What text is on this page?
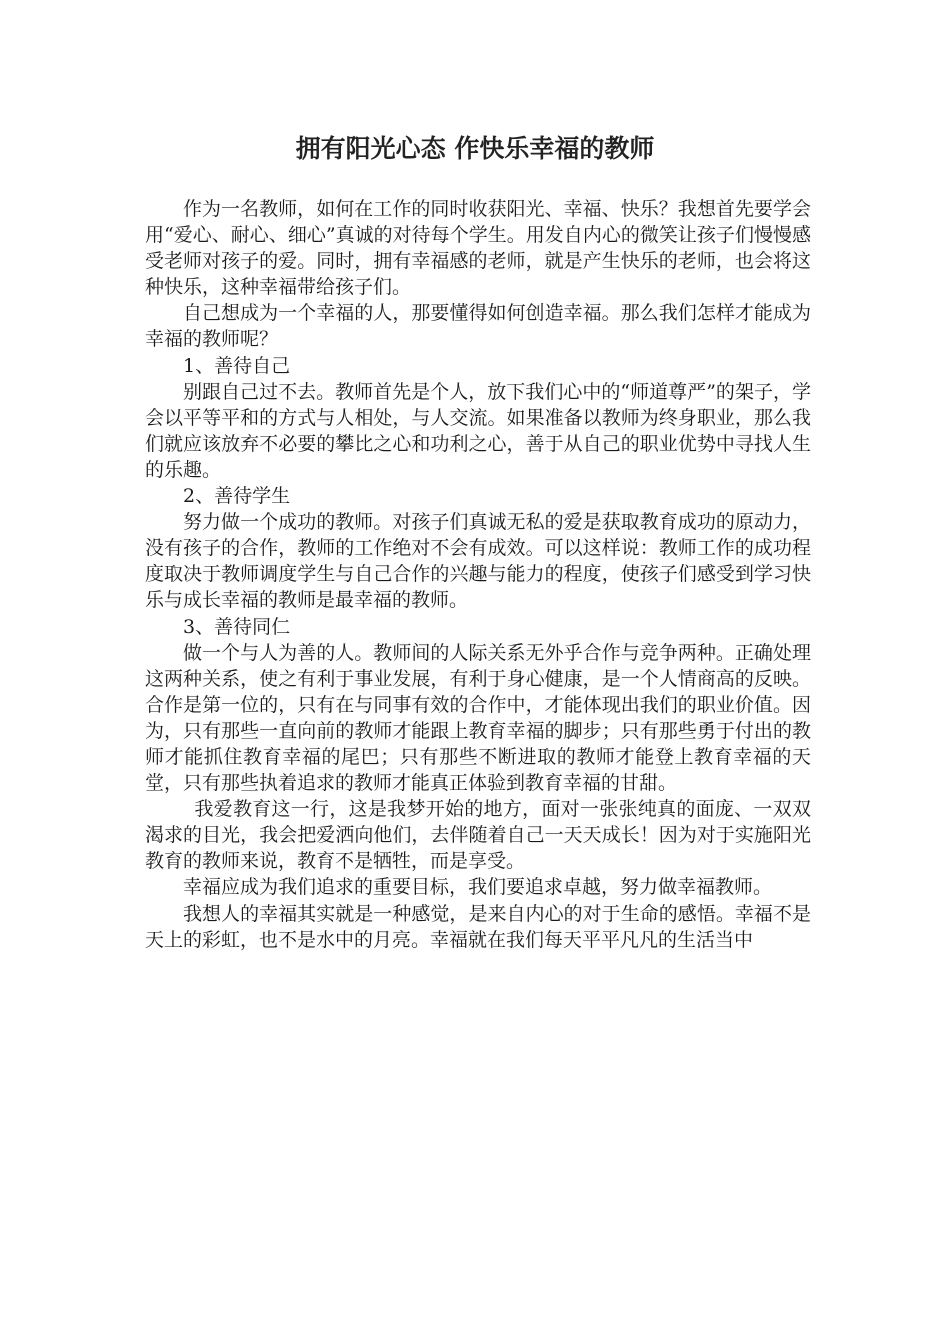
拥有阳光心态 作快乐幸福的教师

作为一名教师，如何在工作的同时收获阳光、幸福、快乐？我想首先要学会用“爱心、耐心、细心”真诚的对待每个学生。用发自内心的微笑让孩子们慢慢感受老师对孩子的爱。同时，拥有幸福感的老师，就是产生快乐的老师，也会将这种快乐，这种幸福带给孩子们。

自己想成为一个幸福的人，那要懂得如何创造幸福。那么我们怎样才能成为幸福的教师呢？

1、善待自己

别跟自己过不去。教师首先是个人，放下我们心中的“师道尊严”的架子，学会以平等平和的方式与人相处，与人交流。如果准备以教师为终身职业，那么我们就应该放弃不必要的攀比之心和功利之心，善于从自己的职业优势中寻找人生的乐趣。

2、善待学生

努力做一个成功的教师。对孩子们真诚无私的爱是获取教育成功的原动力，没有孩子的合作，教师的工作绝对不会有成效。可以这样说：教师工作的成功程度取决于教师调度学生与自己合作的兴趣与能力的程度，使孩子们感受到学习快乐与成长幸福的教师是最幸福的教师。

3、善待同仁

做一个与人为善的人。教师间的人际关系无外乎合作与竞争两种。正确处理这两种关系，使之有利于事业发展，有利于身心健康，是一个人情商高的反映。合作是第一位的，只有在与同事有效的合作中，才能体现出我们的职业价值。因为，只有那些一直向前的教师才能跟上教育幸福的脚步；只有那些勇于付出的教师才能抓住教育幸福的尾巴；只有那些不断进取的教师才能登上教育幸福的天堂，只有那些执着追求的教师才能真正体验到教育幸福的甘甜。

我爱教育这一行，这是我梦开始的地方，面对一张张纯真的面庞、一双双渴求的目光，我会把爱洒向他们，去伴随着自己一天天成长！因为对于实施阳光教育的教师来说，教育不是牺牲，而是享受。

幸福应成为我们追求的重要目标，我们要追求卓越，努力做幸福教师。

我想人的幸福其实就是一种感觉，是来自内心的对于生命的感悟。幸福不是天上的彩虹，也不是水中的月亮。幸福就在我们每天平平凡凡的生活当中
